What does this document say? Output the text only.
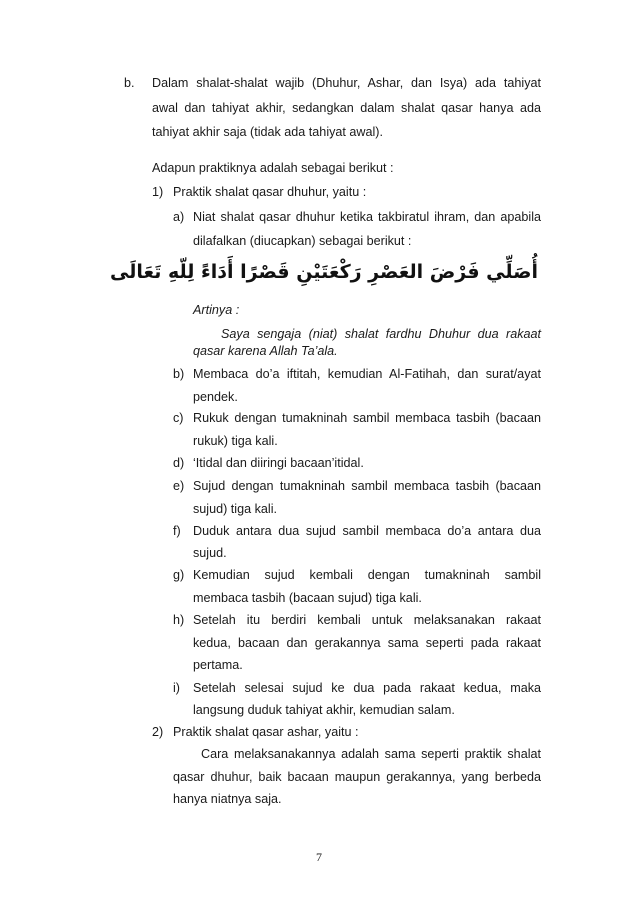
b. Dalam shalat-shalat wajib (Dhuhur, Ashar, dan Isya) ada tahiyat
awal dan tahiyat akhir, sedangkan dalam shalat qasar hanya ada
tahiyat akhir saja (tidak ada tahiyat awal).
Adapun praktiknya adalah sebagai berikut :
1) Praktik shalat qasar dhuhur, yaitu :
a) Niat shalat qasar dhuhur ketika takbiratul ihram, dan apabila
dilafalkan (diucapkan) sebagai berikut :
أُصَلِّي فَرْضَ العَصْرِ رَكْعَتَيْنِ قَصْرًا أَدَاءً لِلّهِ تَعَالَى
Artinya :
Saya sengaja (niat) shalat fardhu Dhuhur dua rakaat
qasar karena Allah Ta’ala.
b) Membaca do’a iftitah, kemudian Al-Fatihah, dan surat/ayat
pendek.
c) Rukuk dengan tumakninah sambil membaca tasbih (bacaan
rukuk) tiga kali.
d) ‘Itidal dan diiringi bacaan’itidal.
e) Sujud dengan tumakninah sambil membaca tasbih (bacaan
sujud) tiga kali.
f) Duduk antara dua sujud sambil membaca do’a antara dua
sujud.
g) Kemudian sujud kembali dengan tumakninah sambil
membaca tasbih (bacaan sujud) tiga kali.
h) Setelah itu berdiri kembali untuk melaksanakan rakaat
kedua, bacaan dan gerakannya sama seperti pada rakaat
pertama.
i) Setelah selesai sujud ke dua pada rakaat kedua, maka
langsung duduk tahiyat akhir, kemudian salam.
2) Praktik shalat qasar ashar, yaitu :
Cara melaksanakannya adalah sama seperti praktik shalat
qasar dhuhur, baik bacaan maupun gerakannya, yang berbeda
hanya niatnya saja.
7
